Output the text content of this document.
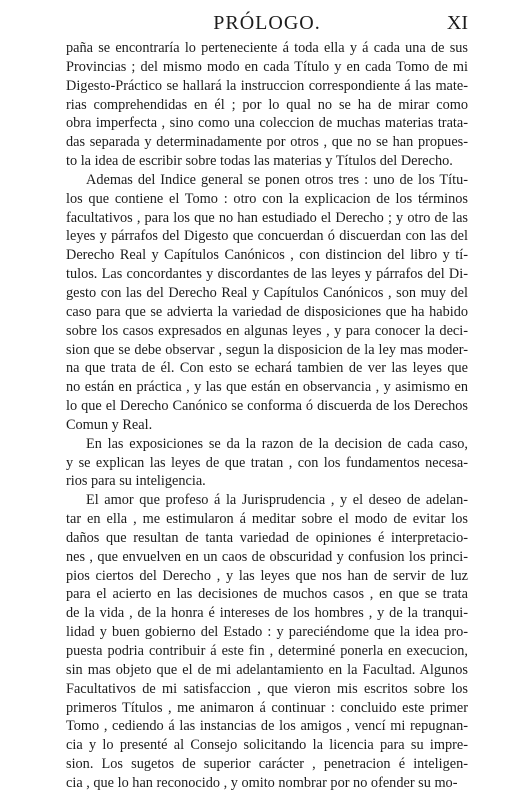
PRÓLOGO.	XI
paña se encontraría lo perteneciente á toda ella y á cada una de sus
Provincias ; del mismo modo en cada Título y en cada Tomo de mi
Digesto-Práctico se hallará la instruccion correspondiente á las mate-
rias comprehendidas en él ; por lo qual no se ha de mirar como
obra imperfecta , sino como una coleccion de muchas materias trata-
das separada y determinadamente por otros , que no se han propues-
to la idea de escribir sobre todas las materias y Títulos del Derecho.
Ademas del Indice general se ponen otros tres : uno de los Títu-
los que contiene el Tomo : otro con la explicacion de los términos
facultativos , para los que no han estudiado el Derecho ; y otro de las
leyes y párrafos del Digesto que concuerdan ó discuerdan con las del
Derecho Real y Capítulos Canónicos , con distincion del libro y tí-
tulos. Las concordantes y discordantes de las leyes y párrafos del Di-
gesto con las del Derecho Real y Capítulos Canónicos , son muy del
caso para que se advierta la variedad de disposiciones que ha habido
sobre los casos expresados en algunas leyes , y para conocer la deci-
sion que se debe observar , segun la disposicion de la ley mas moder-
na que trata de él. Con esto se echará tambien de ver las leyes que
no están en práctica , y las que están en observancia , y asimismo en
lo que el Derecho Canónico se conforma ó discuerda de los Derechos
Comun y Real.
En las exposiciones se da la razon de la decision de cada caso,
y se explican las leyes de que tratan , con los fundamentos necesa-
rios para su inteligencia.
El amor que profeso á la Jurisprudencia , y el deseo de adelan-
tar en ella , me estimularon á meditar sobre el modo de evitar los
daños que resultan de tanta variedad de opiniones é interpretacio-
nes , que envuelven en un caos de obscuridad y confusion los princi-
pios ciertos del Derecho , y las leyes que nos han de servir de luz
para el acierto en las decisiones de muchos casos , en que se trata
de la vida , de la honra é intereses de los hombres , y de la tranqui-
lidad y buen gobierno del Estado : y pareciéndome que la idea pro-
puesta podria contribuir á este fin , determiné ponerla en execucion,
sin mas objeto que el de mi adelantamiento en la Facultad. Algunos
Facultativos de mi satisfaccion , que vieron mis escritos sobre los
primeros Títulos , me animaron á continuar : concluido este primer
Tomo , cediendo á las instancias de los amigos , vencí mi repugnan-
cia y lo presenté al Consejo solicitando la licencia para su impre-
sion. Los sugetos de superior carácter , penetracion é inteligen-
cia , que lo han reconocido , y omito nombrar por no ofender su mo-
